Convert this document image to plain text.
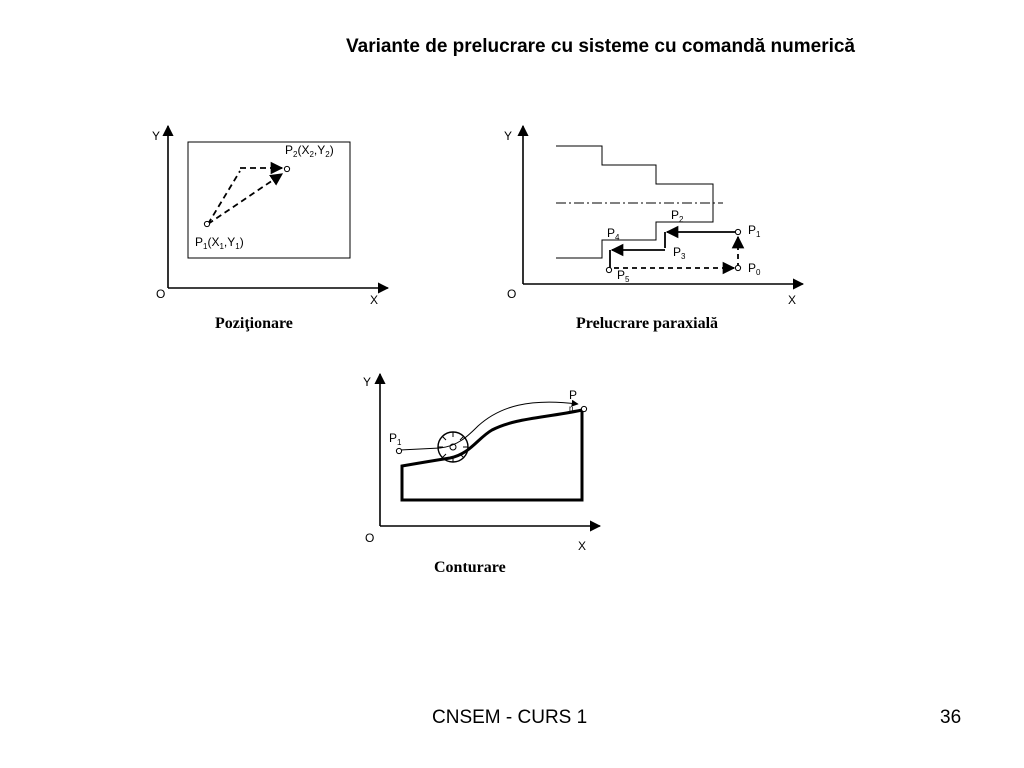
Variante de prelucrare cu sisteme cu comandă numerică
Y
X
O
$P_1(X_1,Y_1)$
$P_2(X_2,Y_2)$
Poziţionare
Y
X
O
$P_0$
$P_1$
$P_2$
$P_3$
$P_4$
$P_5$
Prelucrare paraxială
Y
X
O
$P_1$
P n
Conturare
CNSEM - CURS 1	36
